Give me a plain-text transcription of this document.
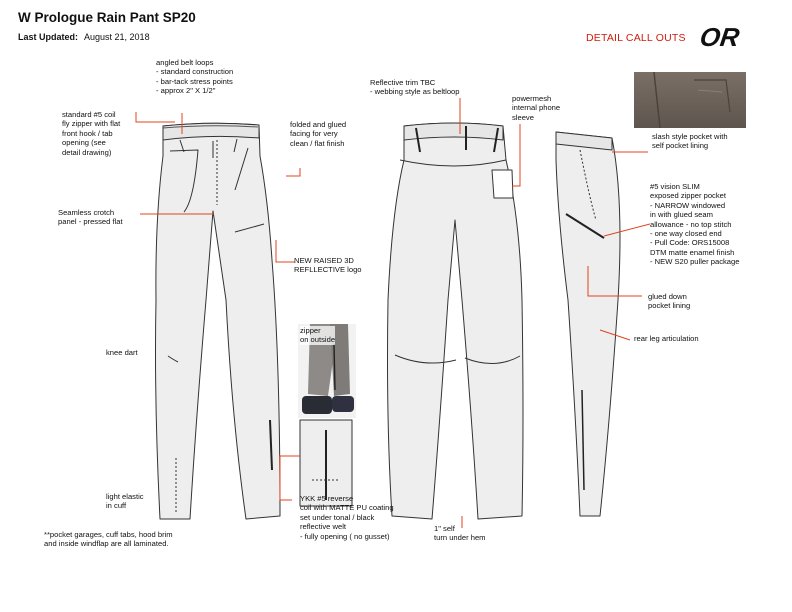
W Prologue Rain Pant SP20
Last Updated: August 21, 2018	DETAIL CALL OUTS OR
angled belt loops
- standard construction
- bar-tack stress points
- approx 2" X 1/2"
standard #5 coil
fly zipper with flat
front hook / tab
opening (see
detail drawing)
folded and glued
facing for very
clean / flat finish
Seamless crotch
panel - pressed flat
NEW RAISED 3D
REFLLECTIVE logo
knee dart
light elastic
in cuff
**pocket garages, cuff tabs, hood brim
and inside windflap are all laminated.
Reflective trim TBC
- webbing style as beltloop
powermesh
internal phone
sleeve
zipper
on outside
YKK #5 reverse
coil with MATTE PU coating
set under tonal / black
reflective welt
- fully opening ( no gusset)
1" self
turn under hem
slash style pocket with
self pocket lining
#5 vision SLIM
exposed zipper pocket
- NARROW windowed
in with glued seam
allowance - no top stitch
- one way closed end
- Pull Code: ORS15008
DTM matte enamel finish
- NEW S20 puller package
glued down
pocket lining
rear leg articulation
